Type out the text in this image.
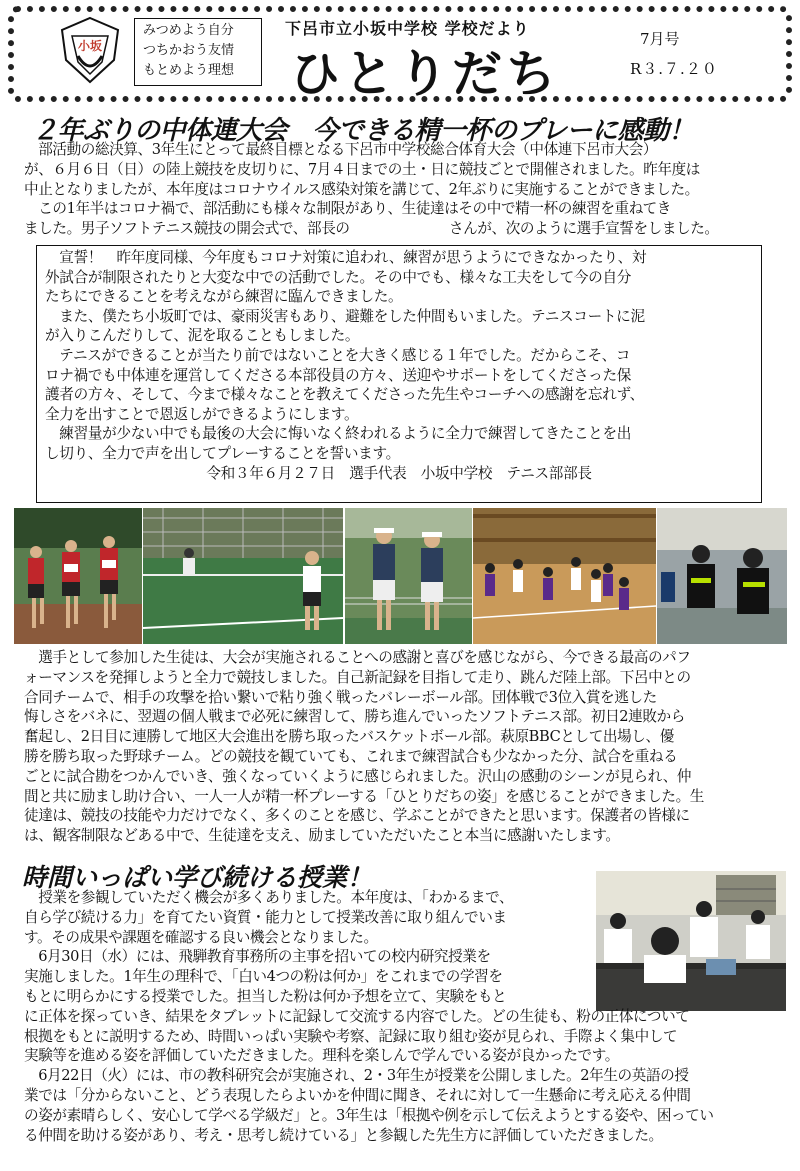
小坂
みつめよう自分
つちかおう友情
もとめよう理想
下呂市立小坂中学校 学校だより
ひとりだち
7月号
R３.７.２０
２年ぶりの中体連大会　今できる精一杯のプレーに感動！
　部活動の総決算、3年生にとって最終目標となる下呂市中学校総合体育大会（中体連下呂市大会）
が、６月６日（日）の陸上競技を皮切りに、7月４日までの土・日に競技ごとで開催されました。昨年度は
中止となりましたが、本年度はコロナウイルス感染対策を講じて、2年ぶりに実施することができました。
　この1年半はコロナ禍で、部活動にも様々な制限があり、生徒達はその中で精一杯の練習を重ねてき
ました。男子ソフトテニス競技の開会式で、部長の　　　　　　　さんが、次のように選手宣誓をしました。
　宣誓！　昨年度同様、今年度もコロナ対策に追われ、練習が思うようにできなかったり、対
外試合が制限されたりと大変な中での活動でした。その中でも、様々な工夫をして今の自分
たちにできることを考えながら練習に臨んできました。
　また、僕たち小坂町では、豪雨災害もあり、避難をした仲間もいました。テニスコートに泥
が入りこんだりして、泥を取ることもしました。
　テニスができることが当たり前ではないことを大きく感じる１年でした。だからこそ、コ
ロナ禍でも中体連を運営してくださる本部役員の方々、送迎やサポートをしてくださった保
護者の方々、そして、今まで様々なことを教えてくださった先生やコーチへの感謝を忘れず、
全力を出すことで恩返しができるようにします。
　練習量が少ない中でも最後の大会に悔いなく終われるように全力で練習してきたことを出
し切り、全力で声を出してプレーすることを誓います。
令和３年６月２７日　選手代表　小坂中学校　テニス部部長
　選手として参加した生徒は、大会が実施されることへの感謝と喜びを感じながら、今できる最高のパフ
ォーマンスを発揮しようと全力で競技しました。自己新記録を目指して走り、跳んだ陸上部。下呂中との
合同チームで、相手の攻撃を拾い繋いで粘り強く戦ったバレーボール部。団体戦で3位入賞を逃した
悔しさをバネに、翌週の個人戦まで必死に練習して、勝ち進んでいったソフトテニス部。初日2連敗から
奮起し、2日目に連勝して地区大会進出を勝ち取ったバスケットボール部。萩原BBCとして出場し、優
勝を勝ち取った野球チーム。どの競技を観ていても、これまで練習試合も少なかった分、試合を重ねる
ごとに試合勘をつかんでいき、強くなっていくように感じられました。沢山の感動のシーンが見られ、仲
間と共に励まし助け合い、一人一人が精一杯プレーする「ひとりだちの姿」を感じることができました。生
徒達は、競技の技能や力だけでなく、多くのことを感じ、学ぶことができたと思います。保護者の皆様に
は、観客制限などある中で、生徒達を支え、励ましていただいたこと本当に感謝いたします。
時間いっぱい学び続ける授業！
　授業を参観していただく機会が多くありました。本年度は、「わかるまで、
自ら学び続ける力」を育てたい資質・能力として授業改善に取り組んでいま
す。その成果や課題を確認する良い機会となりました。
　6月30日（水）には、飛騨教育事務所の主事を招いての校内研究授業を
実施しました。1年生の理科で、「白い4つの粉は何か」をこれまでの学習を
もとに明らかにする授業でした。担当した粉は何か予想を立て、実験をもと
に正体を探っていき、結果をタブレットに記録して交流する内容でした。どの生徒も、粉の正体について
根拠をもとに説明するため、時間いっぱい実験や考察、記録に取り組む姿が見られ、手際よく集中して
実験等を進める姿を評価していただきました。理科を楽しんで学んでいる姿が良かったです。
　6月22日（火）には、市の教科研究会が実施され、2・3年生が授業を公開しました。2年生の英語の授
業では「分からないこと、どう表現したらよいかを仲間に聞き、それに対して一生懸命に考え応える仲間
の姿が素晴らしく、安心して学べる学級だ」と。3年生は「根拠や例を示して伝えようとする姿や、困ってい
る仲間を助ける姿があり、考え・思考し続けている」と参観した先生方に評価していただきました。
